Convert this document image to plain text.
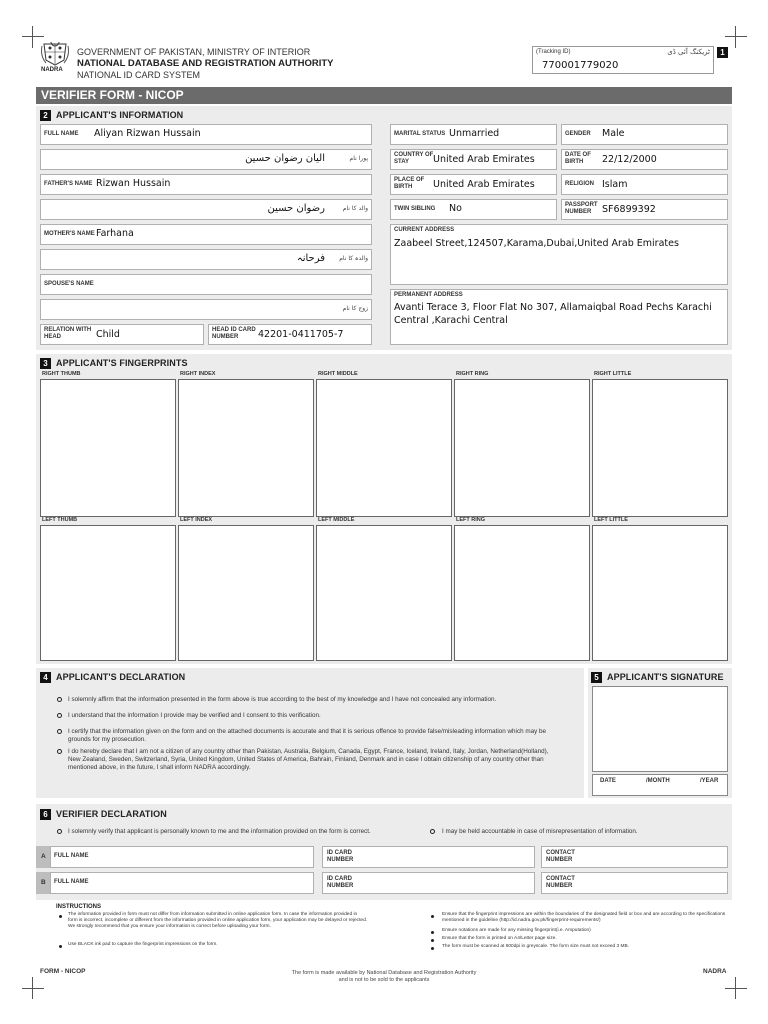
NADRA
GOVERNMENT OF PAKISTAN, MINISTRY OF INTERIOR
NATIONAL DATABASE AND REGISTRATION AUTHORITY
NATIONAL ID CARD SYSTEM
(Tracking ID)	ٹریکنگ آئی ڈی
770001779020
1
VERIFIER FORM - NICOP
2 APPLICANT'S INFORMATION
FULL NAME Aliyan Rizwan Hussain
پورا نام
الیان رضوان حسین
FATHER'S NAME Rizwan Hussain
والد کا نام
رضوان حسین
MOTHER'S NAME Farhana
والدہ کا نام
فرحانہ
SPOUSE'S NAME
زوج کا نام
RELATION WITH HEAD	Child	HEAD ID CARD NUMBER	42201-0411705-7
MARITAL STATUS Unmarried	GENDER Male
COUNTRY OF STAY	United Arab Emirates	DATE OF BIRTH	22/12/2000
PLACE OF BIRTH	United Arab Emirates	RELIGION Islam
TWIN SIBLING No	PASSPORT NUMBER	SF6899392
CURRENT ADDRESS
Zaabeel Street,124507,Karama,Dubai,United Arab Emirates
PERMANENT ADDRESS
Avanti Terace 3, Floor Flat No 307, Allamaiqbal Road Pechs Karachi Central ,Karachi Central
3 APPLICANT'S FINGERPRINTS
RIGHT THUMB	RIGHT INDEX	RIGHT MIDDLE	RIGHT RING	RIGHT LITTLE
LEFT THUMB	LEFT INDEX	LEFT MIDDLE	LEFT RING	LEFT LITTLE
4 APPLICANT'S DECLARATION
I solemnly affirm that the information presented in the form above is true according to the best of my knowledge and I have not concealed any information.
I understand that the information I provide may be verified and I consent to this verification.
I certify that the information given on the form and on the attached documents is accurate and that it is serious offence to provide false/misleading information which may be grounds for my prosecution.
I do hereby declare that I am not a citizen of any country other than Pakistan, Australia, Belgium, Canada, Egypt, France, Iceland, Ireland, Italy, Jordan, Netherland(Holland), New Zealand, Sweden, Switzerland, Syria, United Kingdom, United States of America, Bahrain, Finland, Denmark and in case I obtain citizenship of any country other than mentioned above, in the future, I shall inform NADRA accordingly.
5 APPLICANT'S SIGNATURE
DATE	/MONTH	/YEAR
6 VERIFIER DECLARATION
I solemnly verify that applicant is personally known to me and the information provided on the form is correct.	I may be held accountable in case of misrepresentation of information.
A FULL NAME	ID CARD NUMBER
CONTACT NUMBER
B FULL NAME	ID CARD NUMBER
CONTACT NUMBER
INSTRUCTIONS
The information provided in form must not differ from information submitted in online application form. In case the information provided in form is incorrect, incomplete or different from the information provided in online application form, your application may be delayed or rejected. We strongly recommend that you ensure your information is correct before uploading your form.
Use BLACK ink pad to capture the fingerprint impressions on the form.
Ensure that the fingerprint impressions are within the boundaries of the designated field or box and are according to the specifications mentioned in the guideline (http://id.nadra.gov.pk/fingerprint-requirements/)
Ensure notations are made for any missing fingerprint(i.e. Amputation)
Ensure that the form is printed on A4/Letter page size.
The form must be scanned at 600dpi in greyscale. The form size must not exceed 3 MB.
FORM - NICOP	The form is made available by National Database and Registration Authority
and is not to be sold to the applicants
NADRA
